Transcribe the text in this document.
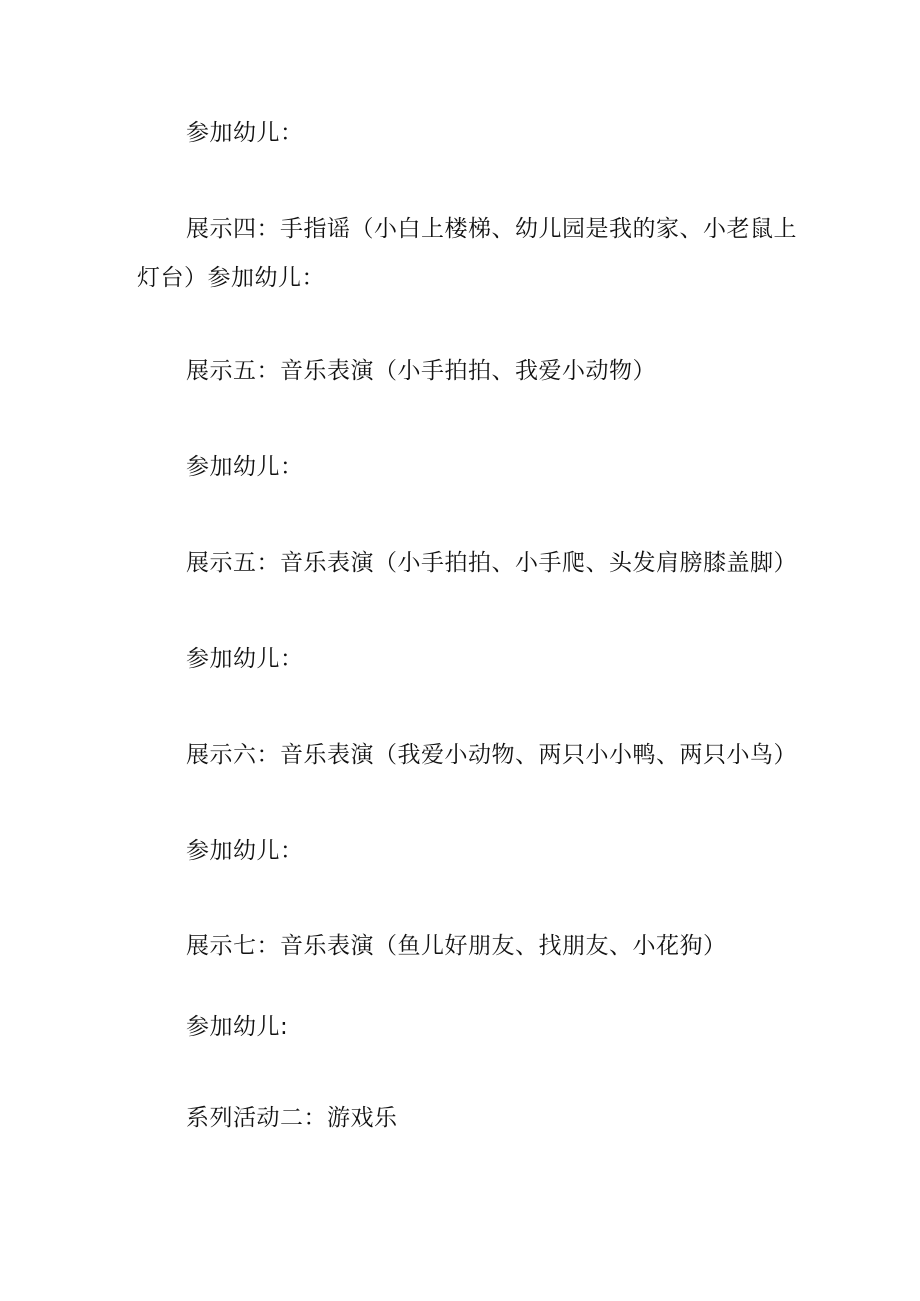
参加幼儿：
展示四：手指谣（小白上楼梯、幼儿园是我的家、小老鼠上
灯台）参加幼儿：
展示五：音乐表演（小手拍拍、我爱小动物）
参加幼儿：
展示五：音乐表演（小手拍拍、小手爬、头发肩膀膝盖脚）
参加幼儿：
展示六：音乐表演（我爱小动物、两只小小鸭、两只小鸟）
参加幼儿：
展示七：音乐表演（鱼儿好朋友、找朋友、小花狗）
参加幼儿:
系列活动二：游戏乐
